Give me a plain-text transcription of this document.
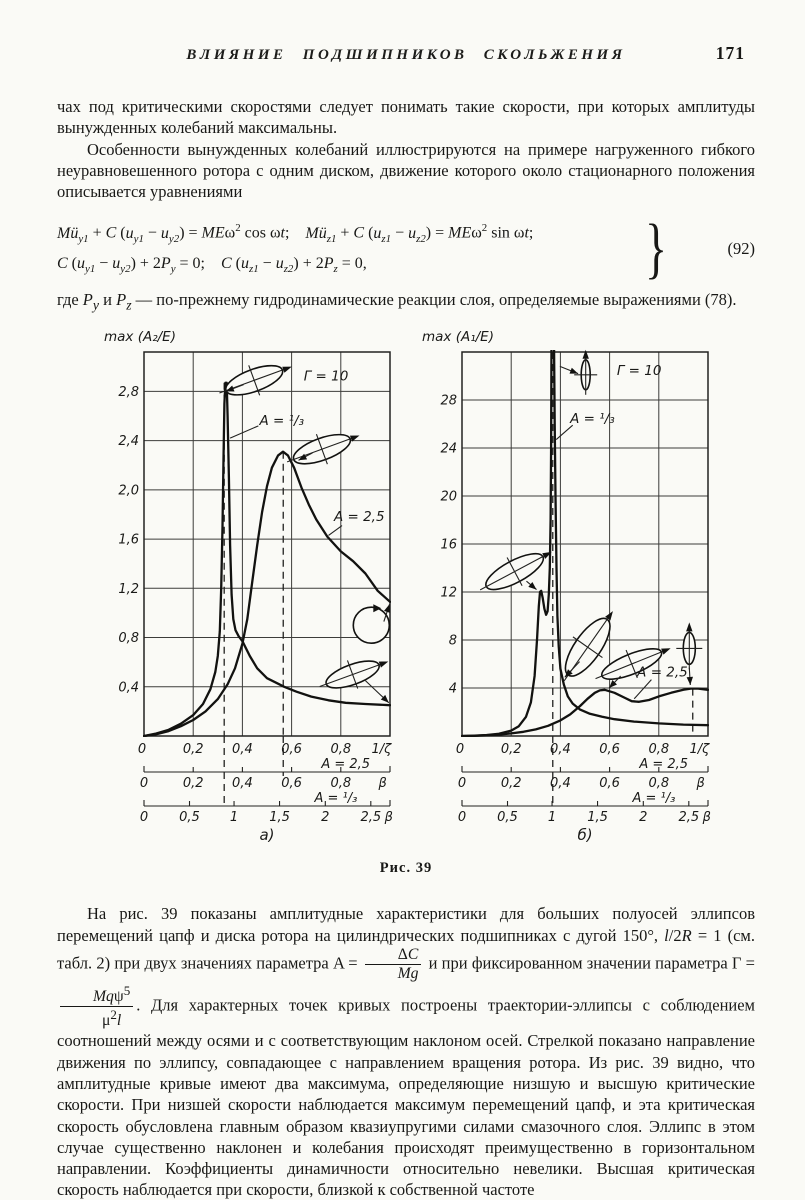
ВЛИЯНИЕ ПОДШИПНИКОВ СКОЛЬЖЕНИЯ	171

чах под критическими скоростями следует понимать такие скорости, при которых амплитуды вынужденных колебаний максимальны.

Особенности вынужденных колебаний иллюстрируются на примере нагруженного гибкого неуравновешенного ротора с одним диском, движение которого около стационарного положения описывается уравнениями

$Mü_{y1} + C$ $(u_{y1} - u_{y2}) = ME\omega^2$ cos ωt; $Mü_{z1} + C$ $(u_{z1} - u_{z2}) = ME\omega^2$ sin ωt;
C $(u_{y1} - u_{y2}) + 2P_y = 0$; C $(u_{z1} - u_{z2}) + 2P_z = 0$,	}	(92)

где $P_y$ и $P_z$ — по-прежнему гидродинамические реакции слоя, определяемые выражениями (78).

0,4
0,8
1,2
1,6
2,0
2,4
2,8
Г = 10
A = ¹/₃
A = 2,5
max (A₂/E)
0	0,2 0,4 0,6 0,8 1/ζ
0,2 0,4 0,6 0,8
0	β
A = 2,5
0,5 1 1,5 2 2,5
0	β
A = ¹/₃
а)
4
8
12
16
20
24
28
Г = 10
A = ¹/₃
A = 2,5
max (A₁/E)
0	0,2 0,4 0,6 0,8 1/ζ
0,2 0,4 0,6 0,8
0	β
A = 2,5
0,5 1 1,5 2 2,5
0	β
A = ¹/₃
б)
Рис. 39

На рис. 39 показаны амплитудные характеристики для больших полуосей эллипсов перемещений цапф и диска ротора на цилиндрических подшипниках с дугой 150°, l/2R = 1 (см. табл. 2) при двух значениях параметра $A = \frac{\Delta C}{Mg}$ и при фиксированном значении параметра Г =
$\frac{Mq\psi^5}{\mu^2l}$ . Для характерных точек кривых построены траектории-эллипсы с соблюдением соотношений между осями и с соответствующим наклоном осей. Стрелкой показано направление движения по эллипсу, совпадающее с направлением вращения ротора. Из рис. 39 видно, что амплитудные кривые имеют два максимума, определяющие низшую и высшую критические скорости. При низшей скорости наблюдается максимум перемещений цапф, и эта критическая скорость обусловлена главным образом квазиупругими силами смазочного слоя. Эллипс в этом случае существенно наклонен и колебания происходят преимущественно в горизонтальном направлении. Коэффициенты динамичности относительно невелики. Высшая критическая скорость наблюдается при скорости, близкой к собственной частоте
